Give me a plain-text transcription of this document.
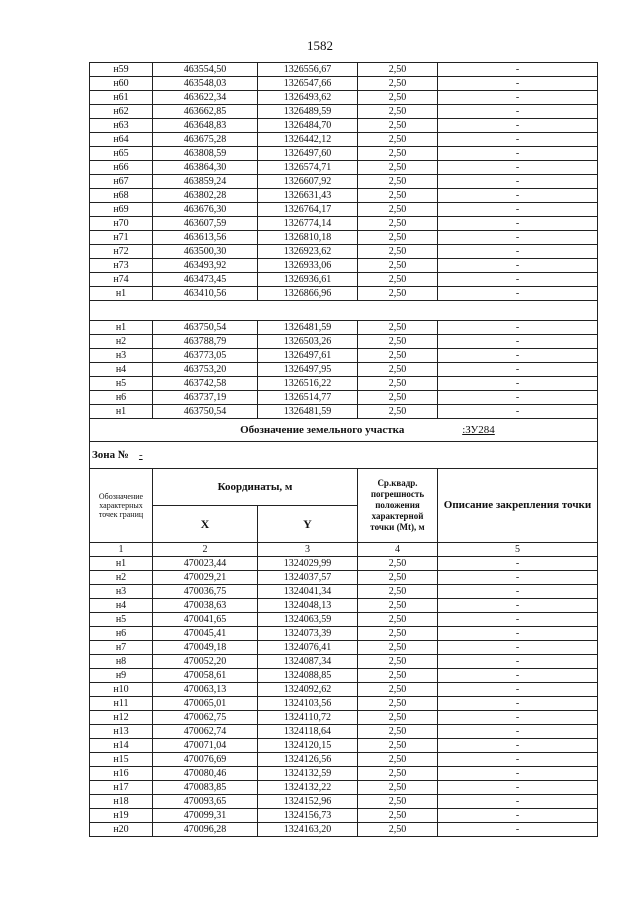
1582
н59	463554,50	1326556,67	2,50	-
н60	463548,03	1326547,66	2,50	-
н61	463622,34	1326493,62	2,50	-
н62	463662,85	1326489,59	2,50	-
н63	463648,83	1326484,70	2,50	-
н64	463675,28	1326442,12	2,50	-
н65	463808,59	1326497,60	2,50	-
н66	463864,30	1326574,71	2,50	-
н67	463859,24	1326607,92	2,50	-
н68	463802,28	1326631,43	2,50	-
н69	463676,30	1326764,17	2,50	-
н70	463607,59	1326774,14	2,50	-
н71	463613,56	1326810,18	2,50	-
н72	463500,30	1326923,62	2,50	-
н73	463493,92	1326933,06	2,50	-
н74	463473,45	1326936,61	2,50	-
н1	463410,56	1326866,96	2,50	-

н1	463750,54	1326481,59	2,50	-
н2	463788,79	1326503,26	2,50	-
н3	463773,05	1326497,61	2,50	-
н4	463753,20	1326497,95	2,50	-
н5	463742,58	1326516,22	2,50	-
н6	463737,19	1326514,77	2,50	-
н1	463750,54	1326481,59	2,50	-
Обозначение земельного участка :ЗУ284				
Зона № -				
Обозначение характерных точек границ	Координаты, м		Ср.квадр. погрешность положения характерной точки (Mt), м	Описание закрепления точки
	X	Y		
1	2	3	4	5
н1	470023,44	1324029,99	2,50	-
н2	470029,21	1324037,57	2,50	-
н3	470036,75	1324041,34	2,50	-
н4	470038,63	1324048,13	2,50	-
н5	470041,65	1324063,59	2,50	-
н6	470045,41	1324073,39	2,50	-
н7	470049,18	1324076,41	2,50	-
н8	470052,20	1324087,34	2,50	-
н9	470058,61	1324088,85	2,50	-
н10	470063,13	1324092,62	2,50	-
н11	470065,01	1324103,56	2,50	-
н12	470062,75	1324110,72	2,50	-
н13	470062,74	1324118,64	2,50	-
н14	470071,04	1324120,15	2,50	-
н15	470076,69	1324126,56	2,50	-
н16	470080,46	1324132,59	2,50	-
н17	470083,85	1324132,22	2,50	-
н18	470093,65	1324152,96	2,50	-
н19	470099,31	1324156,73	2,50	-
н20	470096,28	1324163,20	2,50	-
